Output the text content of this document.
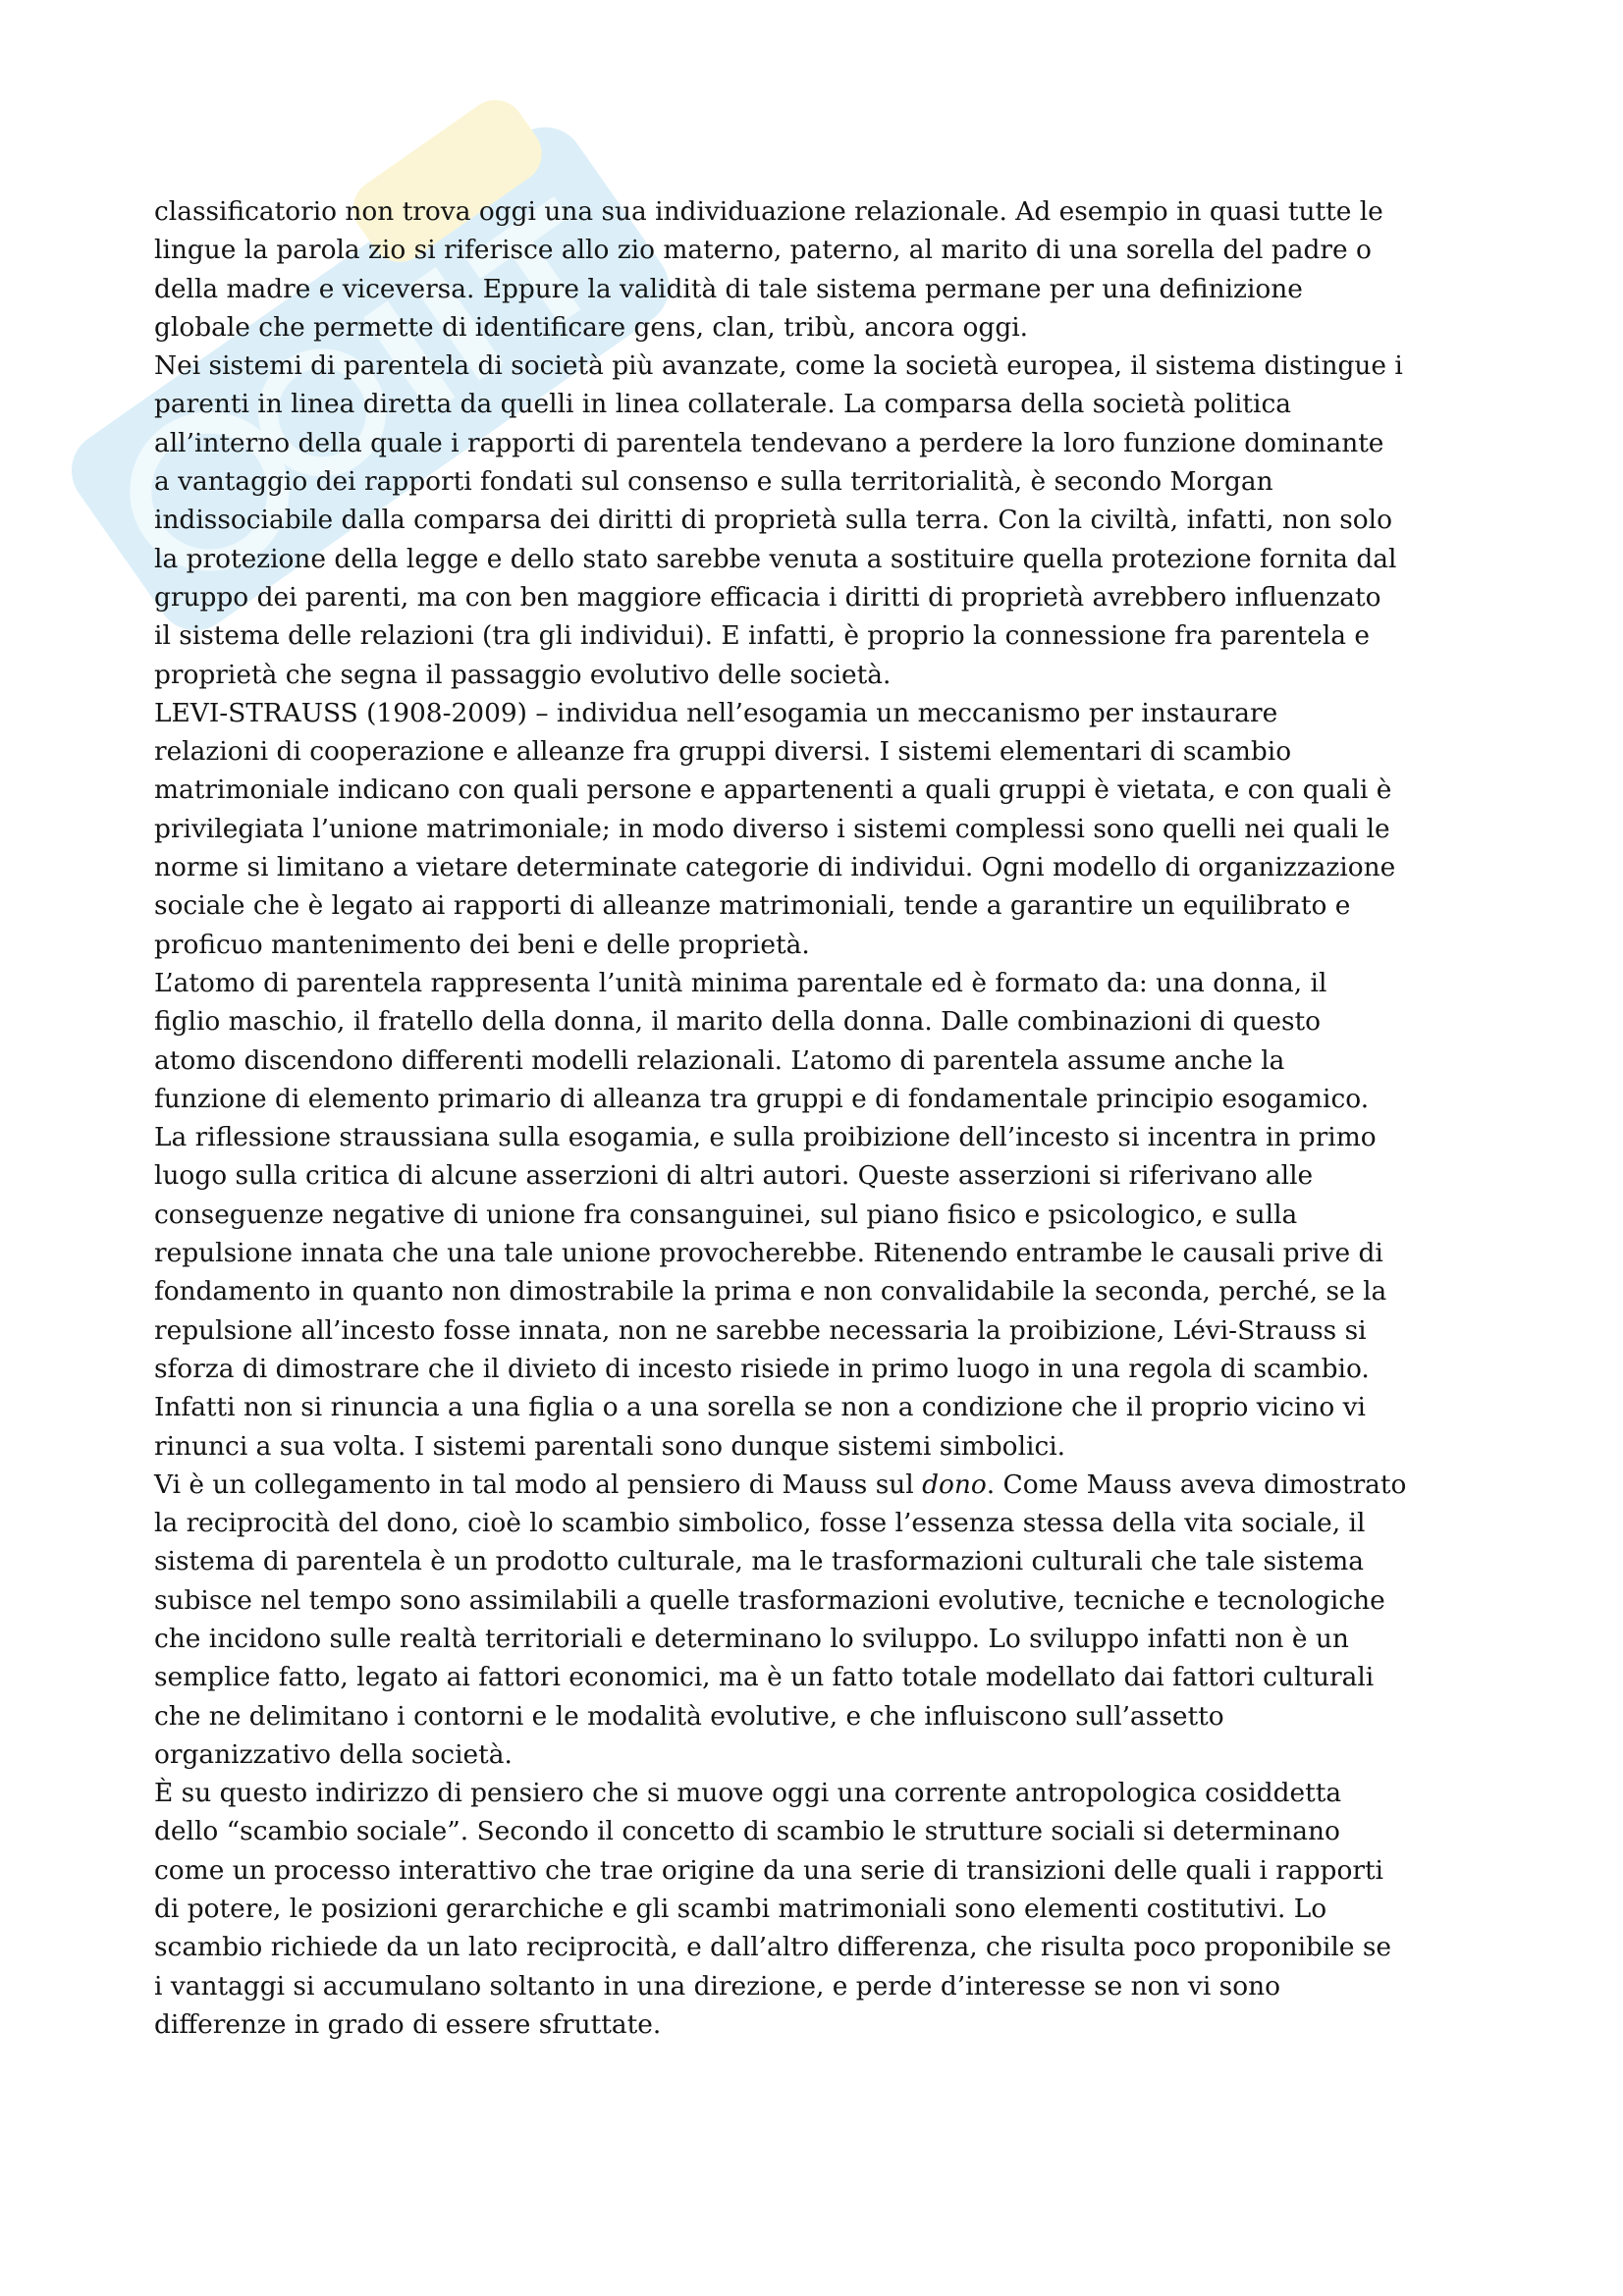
classificatorio non trova oggi una sua individuazione relazionale. Ad esempio in quasi tutte le
lingue la parola zio si riferisce allo zio materno, paterno, al marito di una sorella del padre o
della madre e viceversa. Eppure la validità di tale sistema permane per una definizione
globale che permette di identificare gens, clan, tribù, ancora oggi.
Nei sistemi di parentela di società più avanzate, come la società europea, il sistema distingue i
parenti in linea diretta da quelli in linea collaterale. La comparsa della società politica
all’interno della quale i rapporti di parentela tendevano a perdere la loro funzione dominante
a vantaggio dei rapporti fondati sul consenso e sulla territorialità, è secondo Morgan
indissociabile dalla comparsa dei diritti di proprietà sulla terra. Con la civiltà, infatti, non solo
la protezione della legge e dello stato sarebbe venuta a sostituire quella protezione fornita dal
gruppo dei parenti, ma con ben maggiore efficacia i diritti di proprietà avrebbero influenzato
il sistema delle relazioni (tra gli individui). E infatti, è proprio la connessione fra parentela e
proprietà che segna il passaggio evolutivo delle società.
LEVI-STRAUSS (1908-2009) – individua nell’esogamia un meccanismo per instaurare
relazioni di cooperazione e alleanze fra gruppi diversi. I sistemi elementari di scambio
matrimoniale indicano con quali persone e appartenenti a quali gruppi è vietata, e con quali è
privilegiata l’unione matrimoniale; in modo diverso i sistemi complessi sono quelli nei quali le
norme si limitano a vietare determinate categorie di individui. Ogni modello di organizzazione
sociale che è legato ai rapporti di alleanze matrimoniali, tende a garantire un equilibrato e
proficuo mantenimento dei beni e delle proprietà.
L’atomo di parentela rappresenta l’unità minima parentale ed è formato da: una donna, il
figlio maschio, il fratello della donna, il marito della donna. Dalle combinazioni di questo
atomo discendono differenti modelli relazionali. L’atomo di parentela assume anche la
funzione di elemento primario di alleanza tra gruppi e di fondamentale principio esogamico.
La riflessione straussiana sulla esogamia, e sulla proibizione dell’incesto si incentra in primo
luogo sulla critica di alcune asserzioni di altri autori. Queste asserzioni si riferivano alle
conseguenze negative di unione fra consanguinei, sul piano fisico e psicologico, e sulla
repulsione innata che una tale unione provocherebbe. Ritenendo entrambe le causali prive di
fondamento in quanto non dimostrabile la prima e non convalidabile la seconda, perché, se la
repulsione all’incesto fosse innata, non ne sarebbe necessaria la proibizione, Lévi-Strauss si
sforza di dimostrare che il divieto di incesto risiede in primo luogo in una regola di scambio.
Infatti non si rinuncia a una figlia o a una sorella se non a condizione che il proprio vicino vi
rinunci a sua volta. I sistemi parentali sono dunque sistemi simbolici.
Vi è un collegamento in tal modo al pensiero di Mauss sul dono. Come Mauss aveva dimostrato
la reciprocità del dono, cioè lo scambio simbolico, fosse l’essenza stessa della vita sociale, il
sistema di parentela è un prodotto culturale, ma le trasformazioni culturali che tale sistema
subisce nel tempo sono assimilabili a quelle trasformazioni evolutive, tecniche e tecnologiche
che incidono sulle realtà territoriali e determinano lo sviluppo. Lo sviluppo infatti non è un
semplice fatto, legato ai fattori economici, ma è un fatto totale modellato dai fattori culturali
che ne delimitano i contorni e le modalità evolutive, e che influiscono sull’assetto
organizzativo della società.
È su questo indirizzo di pensiero che si muove oggi una corrente antropologica cosiddetta
dello “scambio sociale”. Secondo il concetto di scambio le strutture sociali si determinano
come un processo interattivo che trae origine da una serie di transizioni delle quali i rapporti
di potere, le posizioni gerarchiche e gli scambi matrimoniali sono elementi costitutivi. Lo
scambio richiede da un lato reciprocità, e dall’altro differenza, che risulta poco proponibile se
i vantaggi si accumulano soltanto in una direzione, e perde d’interesse se non vi sono
differenze in grado di essere sfruttate.
